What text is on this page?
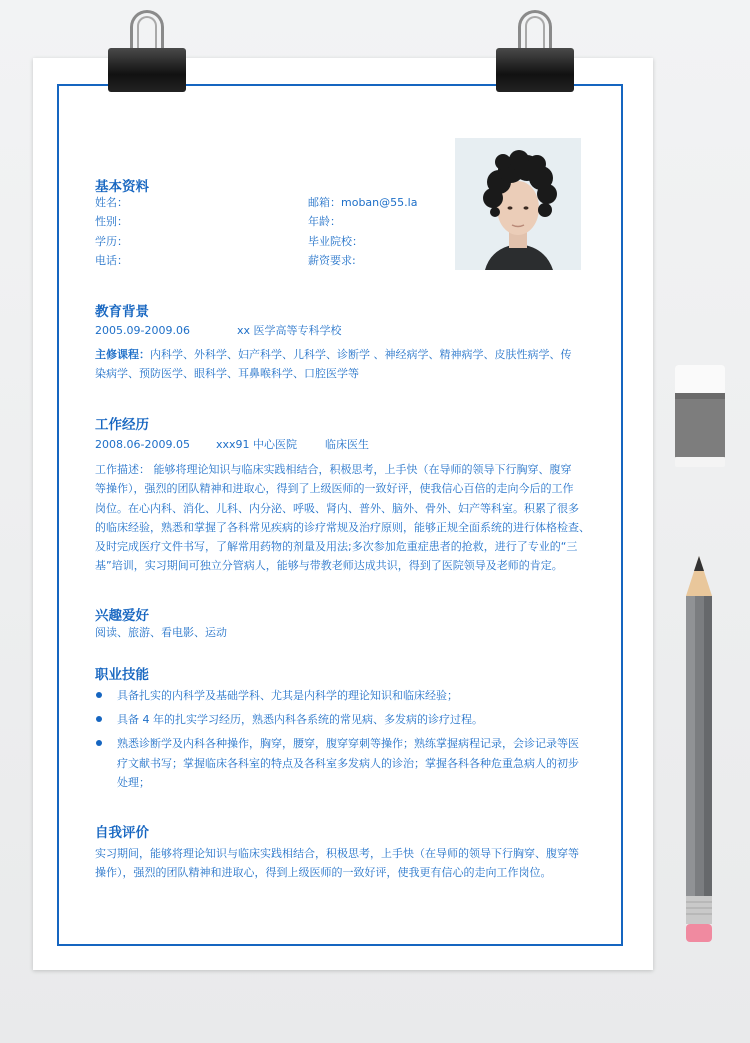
基本资料
姓名：
性别：
学历：
电话：
邮箱：moban@55.la
年龄：
毕业院校：
薪资要求:
教育背景
2005.09-2009.06	xx 医学高等专科学校
主修课程：内科学、外科学、妇产科学、儿科学、诊断学 、神经病学、精神病学、皮肤性病学、传
染病学、预防医学、眼科学、耳鼻喉科学、口腔医学等
工作经历
2008.06-2009.05 xxx91 中心医院	临床医生
工作描述： 能够将理论知识与临床实践相结合，积极思考，上手快（在导师的领导下行胸穿、腹穿
等操作），强烈的团队精神和进取心，得到了上级医师的一致好评，使我信心百倍的走向今后的工作
岗位。在心内科、消化、儿科、内分泌、呼吸、肾内、普外、脑外、骨外、妇产等科室。积累了很多
的临床经验，熟悉和掌握了各科常见疾病的诊疗常规及治疗原则，能够正规全面系统的进行体格检查、
及时完成医疗文件书写，了解常用药物的剂量及用法;多次参加危重症患者的抢救，进行了专业的“三
基”培训，实习期间可独立分管病人，能够与带教老师达成共识，得到了医院领导及老师的肯定。
兴趣爱好
阅读、旅游、看电影、运动
职业技能
具备扎实的内科学及基础学科、尤其是内科学的理论知识和临床经验；
具备 4 年的扎实学习经历，熟悉内科各系统的常见病、多发病的诊疗过程。
熟悉诊断学及内科各种操作，胸穿，腰穿，腹穿穿刺等操作；熟练掌握病程记录，会诊记录等医
疗文献书写；掌握临床各科室的特点及各科室多发病人的诊治；掌握各科各种危重急病人的初步
处理；
自我评价
实习期间，能够将理论知识与临床实践相结合，积极思考，上手快（在导师的领导下行胸穿、腹穿等
操作），强烈的团队精神和进取心，得到上级医师的一致好评，使我更有信心的走向工作岗位。
